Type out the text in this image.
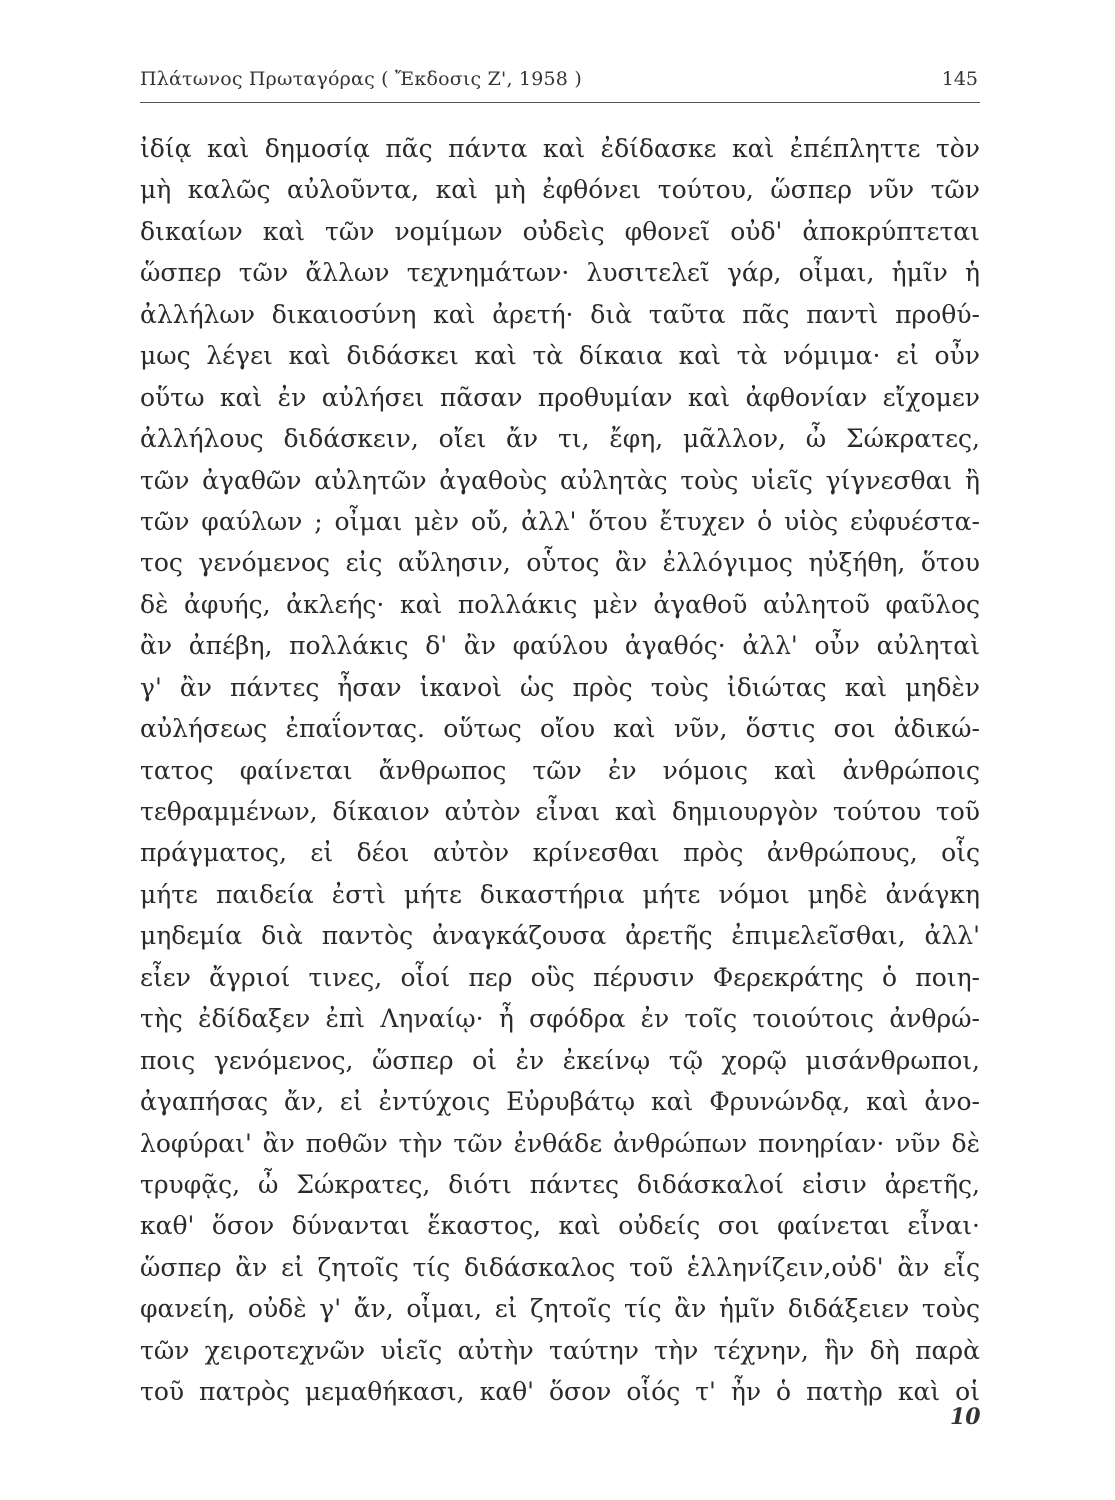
Πλάτωνος Πρωταγόρας ( Ἔκδοσις Ζ', 1958 )	145
ἰδίᾳ καὶ δημοσίᾳ πᾶς πάντα καὶ ἐδίδασκε καὶ ἐπέπληττε τὸν
μὴ καλῶς αὐλοῦντα, καὶ μὴ ἐφθόνει τούτου, ὥσπερ νῦν τῶν
δικαίων καὶ τῶν νομίμων οὐδεὶς φθονεῖ οὐδ' ἀποκρύπτεται
ὥσπερ τῶν ἄλλων τεχνημάτων· λυσιτελεῖ γάρ, οἶμαι, ἡμῖν ἡ
ἀλλήλων δικαιοσύνη καὶ ἀρετή· διὰ ταῦτα πᾶς παντὶ προθύ-
μως λέγει καὶ διδάσκει καὶ τὰ δίκαια καὶ τὰ νόμιμα· εἰ οὖν
οὕτω καὶ ἐν αὐλήσει πᾶσαν προθυμίαν καὶ ἀφθονίαν εἴχομεν
ἀλλήλους διδάσκειν, οἴει ἄν τι, ἔφη, μᾶλλον, ὦ Σώκρατες,
τῶν ἀγαθῶν αὐλητῶν ἀγαθοὺς αὐλητὰς τοὺς υἱεῖς γίγνεσθαι ἢ
τῶν φαύλων ; οἶμαι μὲν οὔ, ἀλλ' ὅτου ἔτυχεν ὁ υἱὸς εὐφυέστα-
τος γενόμενος εἰς αὔλησιν, οὗτος ἂν ἐλλόγιμος ηὐξήθη, ὅτου
δὲ ἀφυής, ἀκλεής· καὶ πολλάκις μὲν ἀγαθοῦ αὐλητοῦ φαῦλος
ἂν ἀπέβη, πολλάκις δ' ἂν φαύλου ἀγαθός· ἀλλ' οὖν αὐληταὶ
γ' ἂν πάντες ἦσαν ἱκανοὶ ὡς πρὸς τοὺς ἰδιώτας καὶ μηδὲν
αὐλήσεως ἐπαΐοντας. οὕτως οἴου καὶ νῦν, ὅστις σοι ἀδικώ-
τατος φαίνεται ἄνθρωπος τῶν ἐν νόμοις καὶ ἀνθρώποις
τεθραμμένων, δίκαιον αὐτὸν εἶναι καὶ δημιουργὸν τούτου τοῦ
πράγματος, εἰ δέοι αὐτὸν κρίνεσθαι πρὸς ἀνθρώπους, οἷς
μήτε παιδεία ἐστὶ μήτε δικαστήρια μήτε νόμοι μηδὲ ἀνάγκη
μηδεμία διὰ παντὸς ἀναγκάζουσα ἀρετῆς ἐπιμελεῖσθαι, ἀλλ'
εἶεν ἄγριοί τινες, οἷοί περ οὓς πέρυσιν Φερεκράτης ὁ ποιη-
τὴς ἐδίδαξεν ἐπὶ Ληναίῳ· ἦ σφόδρα ἐν τοῖς τοιούτοις ἀνθρώ-
ποις γενόμενος, ὥσπερ οἱ ἐν ἐκείνῳ τῷ χορῷ μισάνθρωποι,
ἀγαπήσας ἄν, εἰ ἐντύχοις Εὐρυβάτῳ καὶ Φρυνώνδᾳ, καὶ ἀνο-
λοφύραι' ἂν ποθῶν τὴν τῶν ἐνθάδε ἀνθρώπων πονηρίαν· νῦν δὲ
τρυφᾷς, ὦ Σώκρατες, διότι πάντες διδάσκαλοί εἰσιν ἀρετῆς,
καθ' ὅσον δύνανται ἕκαστος, καὶ οὐδείς σοι φαίνεται εἶναι·
ὥσπερ ἂν εἰ ζητοῖς τίς διδάσκαλος τοῦ ἑλληνίζειν,οὐδ' ἂν εἷς
φανείη, οὐδὲ γ' ἄν, οἶμαι, εἰ ζητοῖς τίς ἂν ἡμῖν διδάξειεν τοὺς
τῶν χειροτεχνῶν υἱεῖς αὐτὴν ταύτην τὴν τέχνην, ἣν δὴ παρὰ
τοῦ πατρὸς μεμαθήκασι, καθ' ὅσον οἷός τ' ἦν ὁ πατὴρ καὶ οἱ
10
